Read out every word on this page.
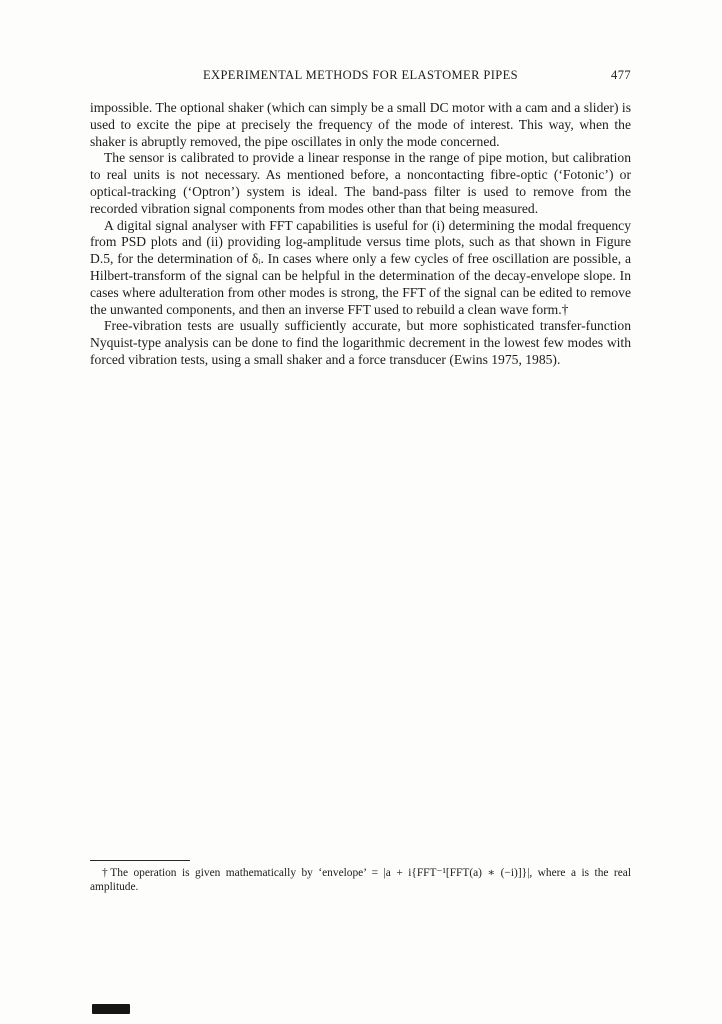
EXPERIMENTAL METHODS FOR ELASTOMER PIPES	477

impossible. The optional shaker (which can simply be a small DC motor with a cam and a slider) is used to excite the pipe at precisely the frequency of the mode of interest. This way, when the shaker is abruptly removed, the pipe oscillates in only the mode concerned.

The sensor is calibrated to provide a linear response in the range of pipe motion, but calibration to real units is not necessary. As mentioned before, a noncontacting fibre-optic (‘Fotonic’) or optical-tracking (‘Optron’) system is ideal. The band-pass filter is used to remove from the recorded vibration signal components from modes other than that being measured.

A digital signal analyser with FFT capabilities is useful for (i) determining the modal frequency from PSD plots and (ii) providing log-amplitude versus time plots, such as that shown in Figure D.5, for the determination of δᵢ. In cases where only a few cycles of free oscillation are possible, a Hilbert-transform of the signal can be helpful in the determination of the decay-envelope slope. In cases where adulteration from other modes is strong, the FFT of the signal can be edited to remove the unwanted components, and then an inverse FFT used to rebuild a clean wave form.†

Free-vibration tests are usually sufficiently accurate, but more sophisticated transfer-function Nyquist-type analysis can be done to find the logarithmic decrement in the lowest few modes with forced vibration tests, using a small shaker and a force transducer (Ewins 1975, 1985).

†The operation is given mathematically by ‘envelope’ = |a + i{FFT⁻¹[FFT(a) ∗ (−i)]}|, where a is the real amplitude.
